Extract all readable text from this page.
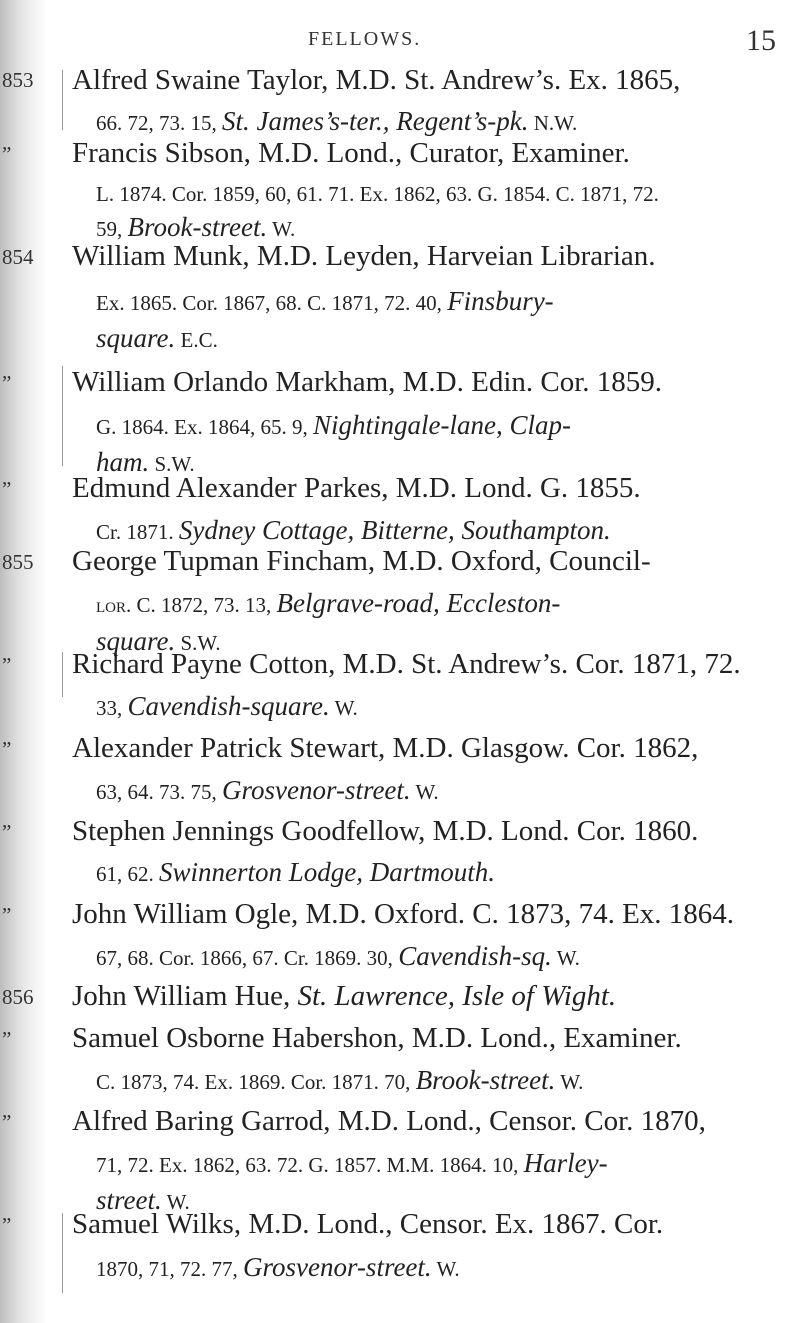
FELLOWS.	15
853
”
854
”
”
855
”
”
”
”
856
”
”
”
Alfred Swaine Taylor, M.D. St. Andrew’s. Ex. 1865,
66. 72, 73. 15, St. James’s-ter., Regent’s-pk. N.W.
Francis Sibson, M.D. Lond., Curator, Examiner.
L. 1874. Cor. 1859, 60, 61. 71. Ex. 1862, 63. G. 1854. C. 1871, 72.
59, Brook-street. W.
William Munk, M.D. Leyden, Harveian Librarian.
Ex. 1865. Cor. 1867, 68. C. 1871, 72. 40, Finsbury-
square. E.C.
William Orlando Markham, M.D. Edin. Cor. 1859.
G. 1864. Ex. 1864, 65. 9, Nightingale-lane, Clap-
ham. S.W.
Edmund Alexander Parkes, M.D. Lond. G. 1855.
Cr. 1871. Sydney Cottage, Bitterne, Southampton.
George Tupman Fincham, M.D. Oxford, Council-
lor. C. 1872, 73. 13, Belgrave-road, Eccleston-
square. S.W.
Richard Payne Cotton, M.D. St. Andrew’s. Cor. 1871, 72.
33, Cavendish-square. W.
Alexander Patrick Stewart, M.D. Glasgow. Cor. 1862,
63, 64. 73. 75, Grosvenor-street. W.
Stephen Jennings Goodfellow, M.D. Lond. Cor. 1860.
61, 62. Swinnerton Lodge, Dartmouth.
John William Ogle, M.D. Oxford. C. 1873, 74. Ex. 1864.
67, 68. Cor. 1866, 67. Cr. 1869. 30, Cavendish-sq. W.
John William Hue, St. Lawrence, Isle of Wight.
Samuel Osborne Habershon, M.D. Lond., Examiner.
C. 1873, 74. Ex. 1869. Cor. 1871. 70, Brook-street. W.
Alfred Baring Garrod, M.D. Lond., Censor. Cor. 1870,
71, 72. Ex. 1862, 63. 72. G. 1857. M.M. 1864. 10, Harley-
street. W.
Samuel Wilks, M.D. Lond., Censor. Ex. 1867. Cor.
1870, 71, 72. 77, Grosvenor-street. W.
